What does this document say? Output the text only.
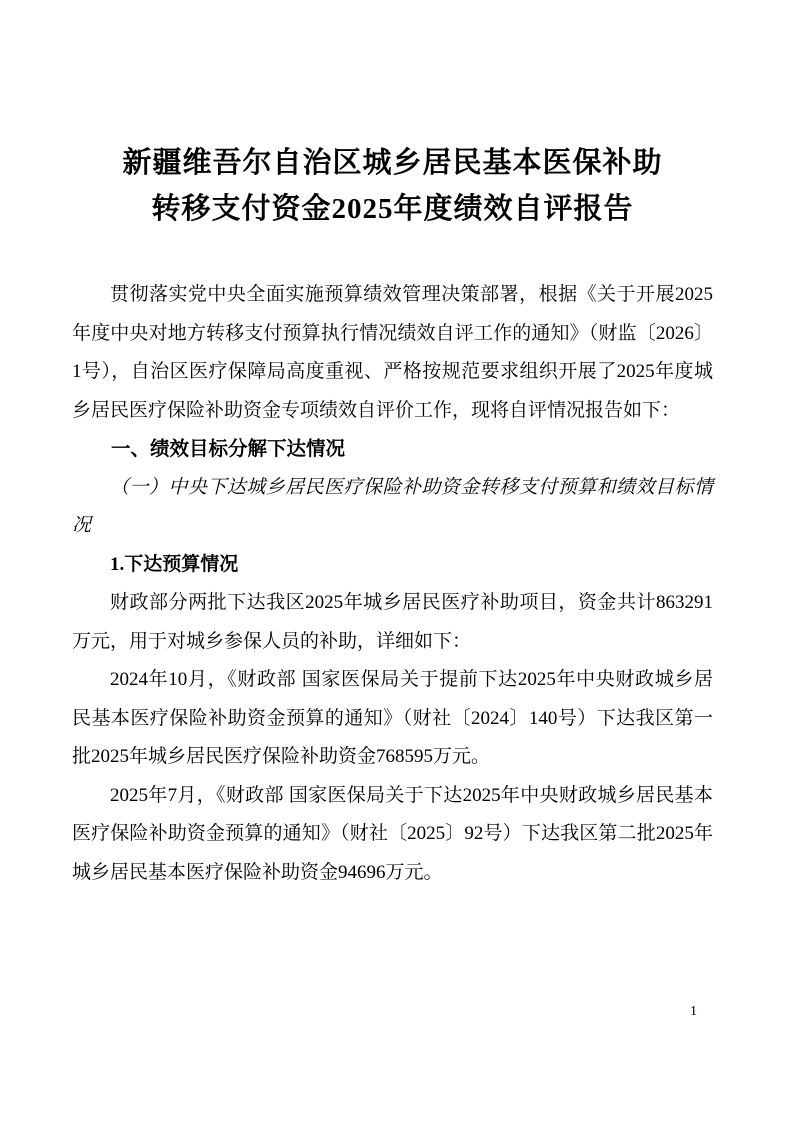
新疆维吾尔自治区城乡居民基本医保补助
转移支付资金2025年度绩效自评报告

贯彻落实党中央全面实施预算绩效管理决策部署，根据《关于开展2025年度中央对地方转移支付预算执行情况绩效自评工作的通知》（财监〔2026〕1号），自治区医疗保障局高度重视、严格按规范要求组织开展了2025年度城乡居民医疗保险补助资金专项绩效自评价工作，现将自评情况报告如下：

一、绩效目标分解下达情况

（一）中央下达城乡居民医疗保险补助资金转移支付预算和绩效目标情况

1.下达预算情况

财政部分两批下达我区2025年城乡居民医疗补助项目，资金共计863291万元，用于对城乡参保人员的补助，详细如下：

2024年10月，《财政部 国家医保局关于提前下达2025年中央财政城乡居民基本医疗保险补助资金预算的通知》（财社〔2024〕140号）下达我区第一批2025年城乡居民医疗保险补助资金768595万元。

2025年7月，《财政部 国家医保局关于下达2025年中央财政城乡居民基本医疗保险补助资金预算的通知》（财社〔2025〕92号）下达我区第二批2025年城乡居民基本医疗保险补助资金94696万元。

1
